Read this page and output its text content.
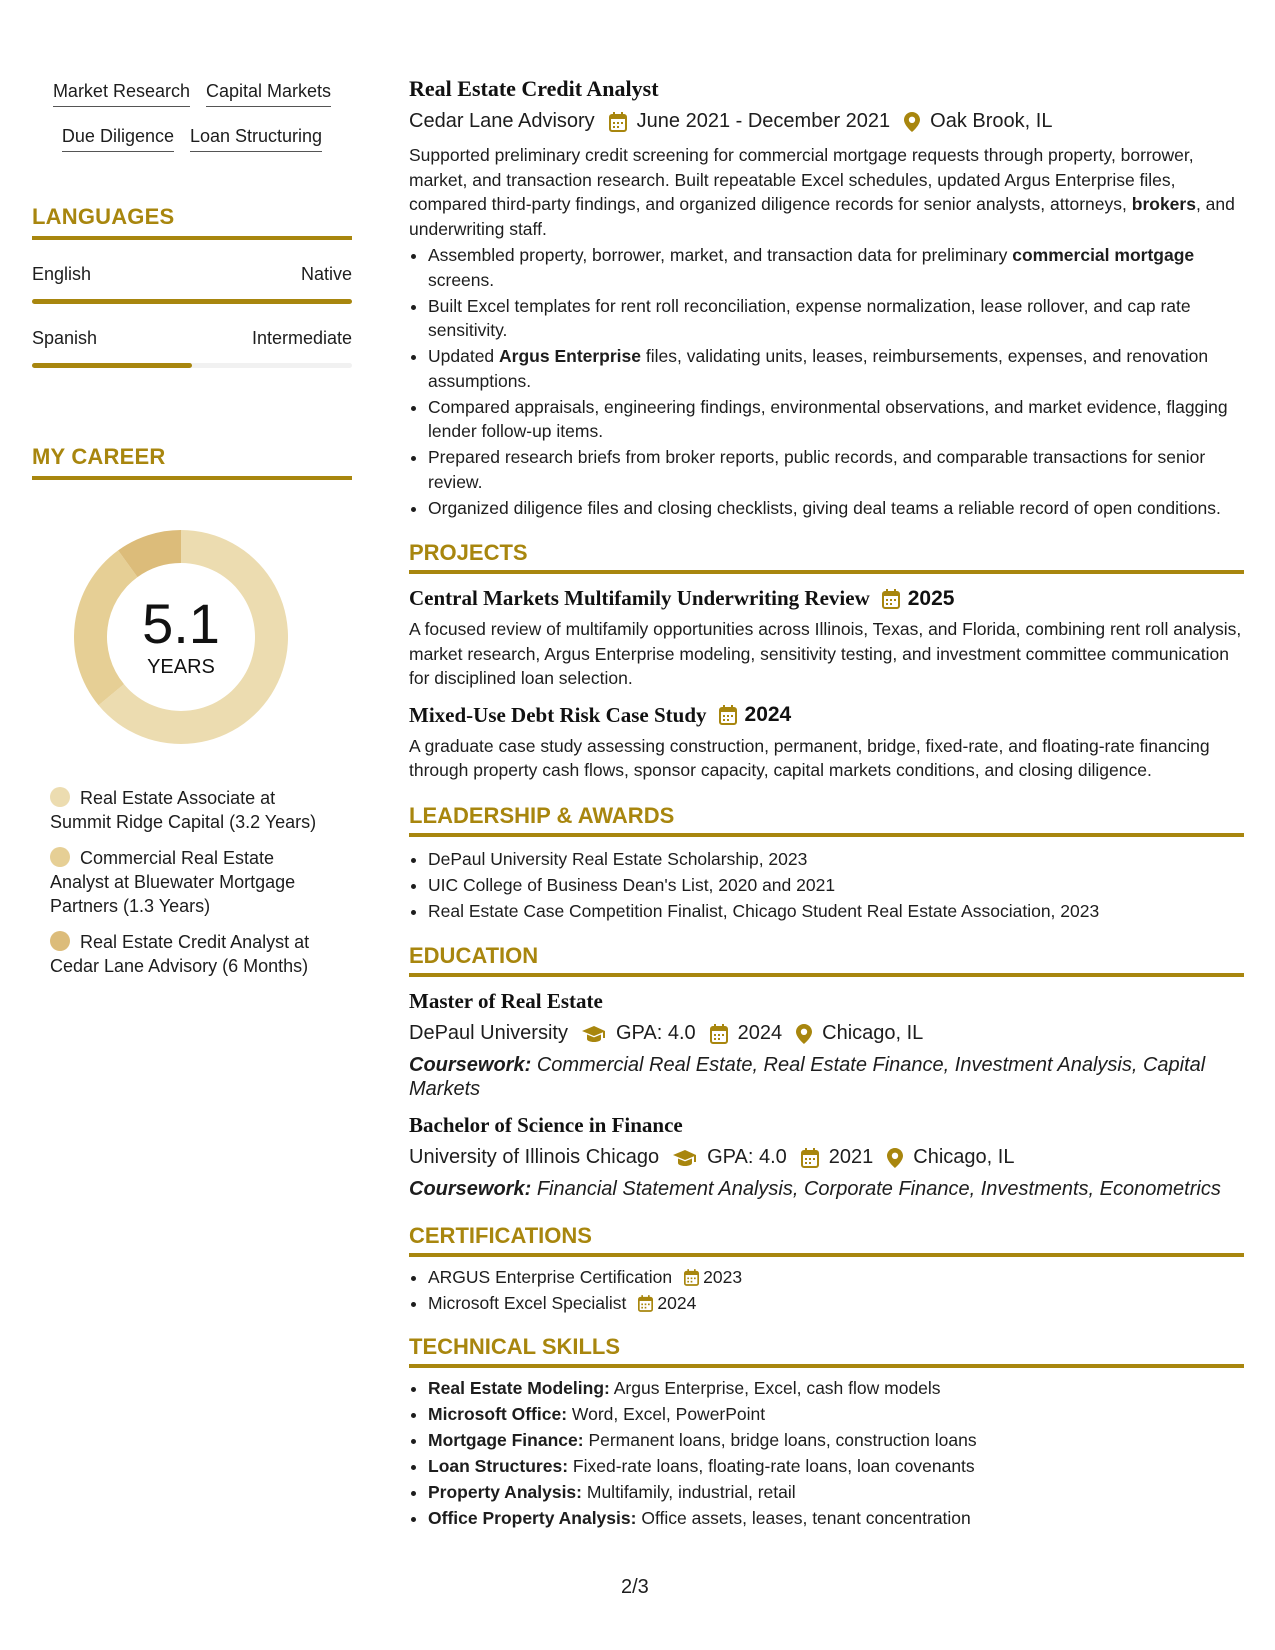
Market Research Capital Markets
Due Diligence Loan Structuring
LANGUAGES
English	Native
Spanish	Intermediate
MY CAREER
5.1
YEARS
Real Estate Associate at Summit Ridge Capital (3.2 Years)
Commercial Real Estate Analyst at Bluewater Mortgage Partners (1.3 Years)
Real Estate Credit Analyst at Cedar Lane Advisory (6 Months)
Real Estate Credit Analyst
Cedar Lane Advisory June 2021 - December 2021 Oak Brook, IL
Supported preliminary credit screening for commercial mortgage requests through property, borrower, market, and transaction research. Built repeatable Excel schedules, updated Argus Enterprise files, compared third-party findings, and organized diligence records for senior analysts, attorneys, brokers, and underwriting staff.
• Assembled property, borrower, market, and transaction data for preliminary commercial mortgage screens.
• Built Excel templates for rent roll reconciliation, expense normalization, lease rollover, and cap rate sensitivity.
• Updated Argus Enterprise files, validating units, leases, reimbursements, expenses, and renovation assumptions.
• Compared appraisals, engineering findings, environmental observations, and market evidence, flagging lender follow-up items.
• Prepared research briefs from broker reports, public records, and comparable transactions for senior review.
• Organized diligence files and closing checklists, giving deal teams a reliable record of open conditions.
PROJECTS
Central Markets Multifamily Underwriting Review 2025
A focused review of multifamily opportunities across Illinois, Texas, and Florida, combining rent roll analysis, market research, Argus Enterprise modeling, sensitivity testing, and investment committee communication for disciplined loan selection.
Mixed-Use Debt Risk Case Study 2024
A graduate case study assessing construction, permanent, bridge, fixed-rate, and floating-rate financing through property cash flows, sponsor capacity, capital markets conditions, and closing diligence.
LEADERSHIP & AWARDS
• DePaul University Real Estate Scholarship, 2023
• UIC College of Business Dean's List, 2020 and 2021
• Real Estate Case Competition Finalist, Chicago Student Real Estate Association, 2023
EDUCATION
Master of Real Estate
DePaul University GPA: 4.0 2024 Chicago, IL
Coursework: Commercial Real Estate, Real Estate Finance, Investment Analysis, Capital Markets
Bachelor of Science in Finance
University of Illinois Chicago GPA: 4.0 2021 Chicago, IL
Coursework: Financial Statement Analysis, Corporate Finance, Investments, Econometrics
CERTIFICATIONS
• ARGUS Enterprise Certification 2023
• Microsoft Excel Specialist 2024
TECHNICAL SKILLS
• Real Estate Modeling: Argus Enterprise, Excel, cash flow models
• Microsoft Office: Word, Excel, PowerPoint
• Mortgage Finance: Permanent loans, bridge loans, construction loans
• Loan Structures: Fixed-rate loans, floating-rate loans, loan covenants
• Property Analysis: Multifamily, industrial, retail
• Office Property Analysis: Office assets, leases, tenant concentration
2/3
